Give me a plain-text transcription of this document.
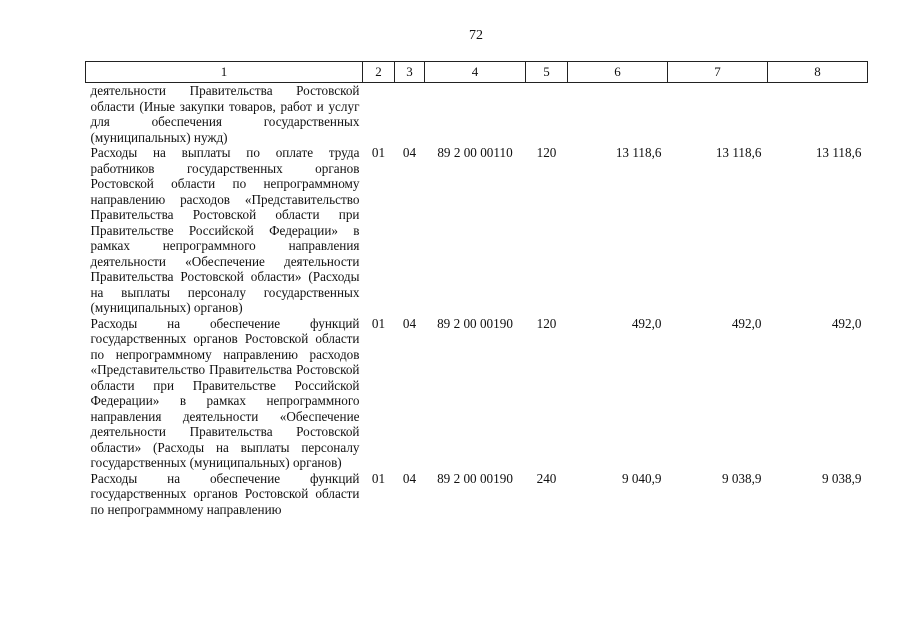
72
1	2	3	4	5	6	7	8
деятельности Правительства Ростовской области (Иные закупки товаров, работ и услуг для обеспечения государственных (муниципальных) нужд)							
Расходы на выплаты по оплате труда работников государственных органов Ростовской области по непрограммному направлению расходов «Представительство Правительства Ростовской области при Правительстве Российской Федерации» в рамках непрограммного направления деятельности «Обеспечение деятельности Правительства Ростовской области» (Расходы на выплаты персоналу государственных (муниципальных) органов)	01	04	89 2 00 00110	120	13 118,6	13 118,6	13 118,6
Расходы на обеспечение функций государственных органов Ростовской области по непрограммному направлению расходов «Представительство Правительства Ростовской области при Правительстве Российской Федерации» в рамках непрограммного направления деятельности «Обеспечение деятельности Правительства Ростовской области» (Расходы на выплаты персоналу государственных (муниципальных) органов)	01	04	89 2 00 00190	120	492,0	492,0	492,0
Расходы на обеспечение функций государственных органов Ростовской области по непрограммному направлению	01	04	89 2 00 00190	240	9 040,9	9 038,9	9 038,9
